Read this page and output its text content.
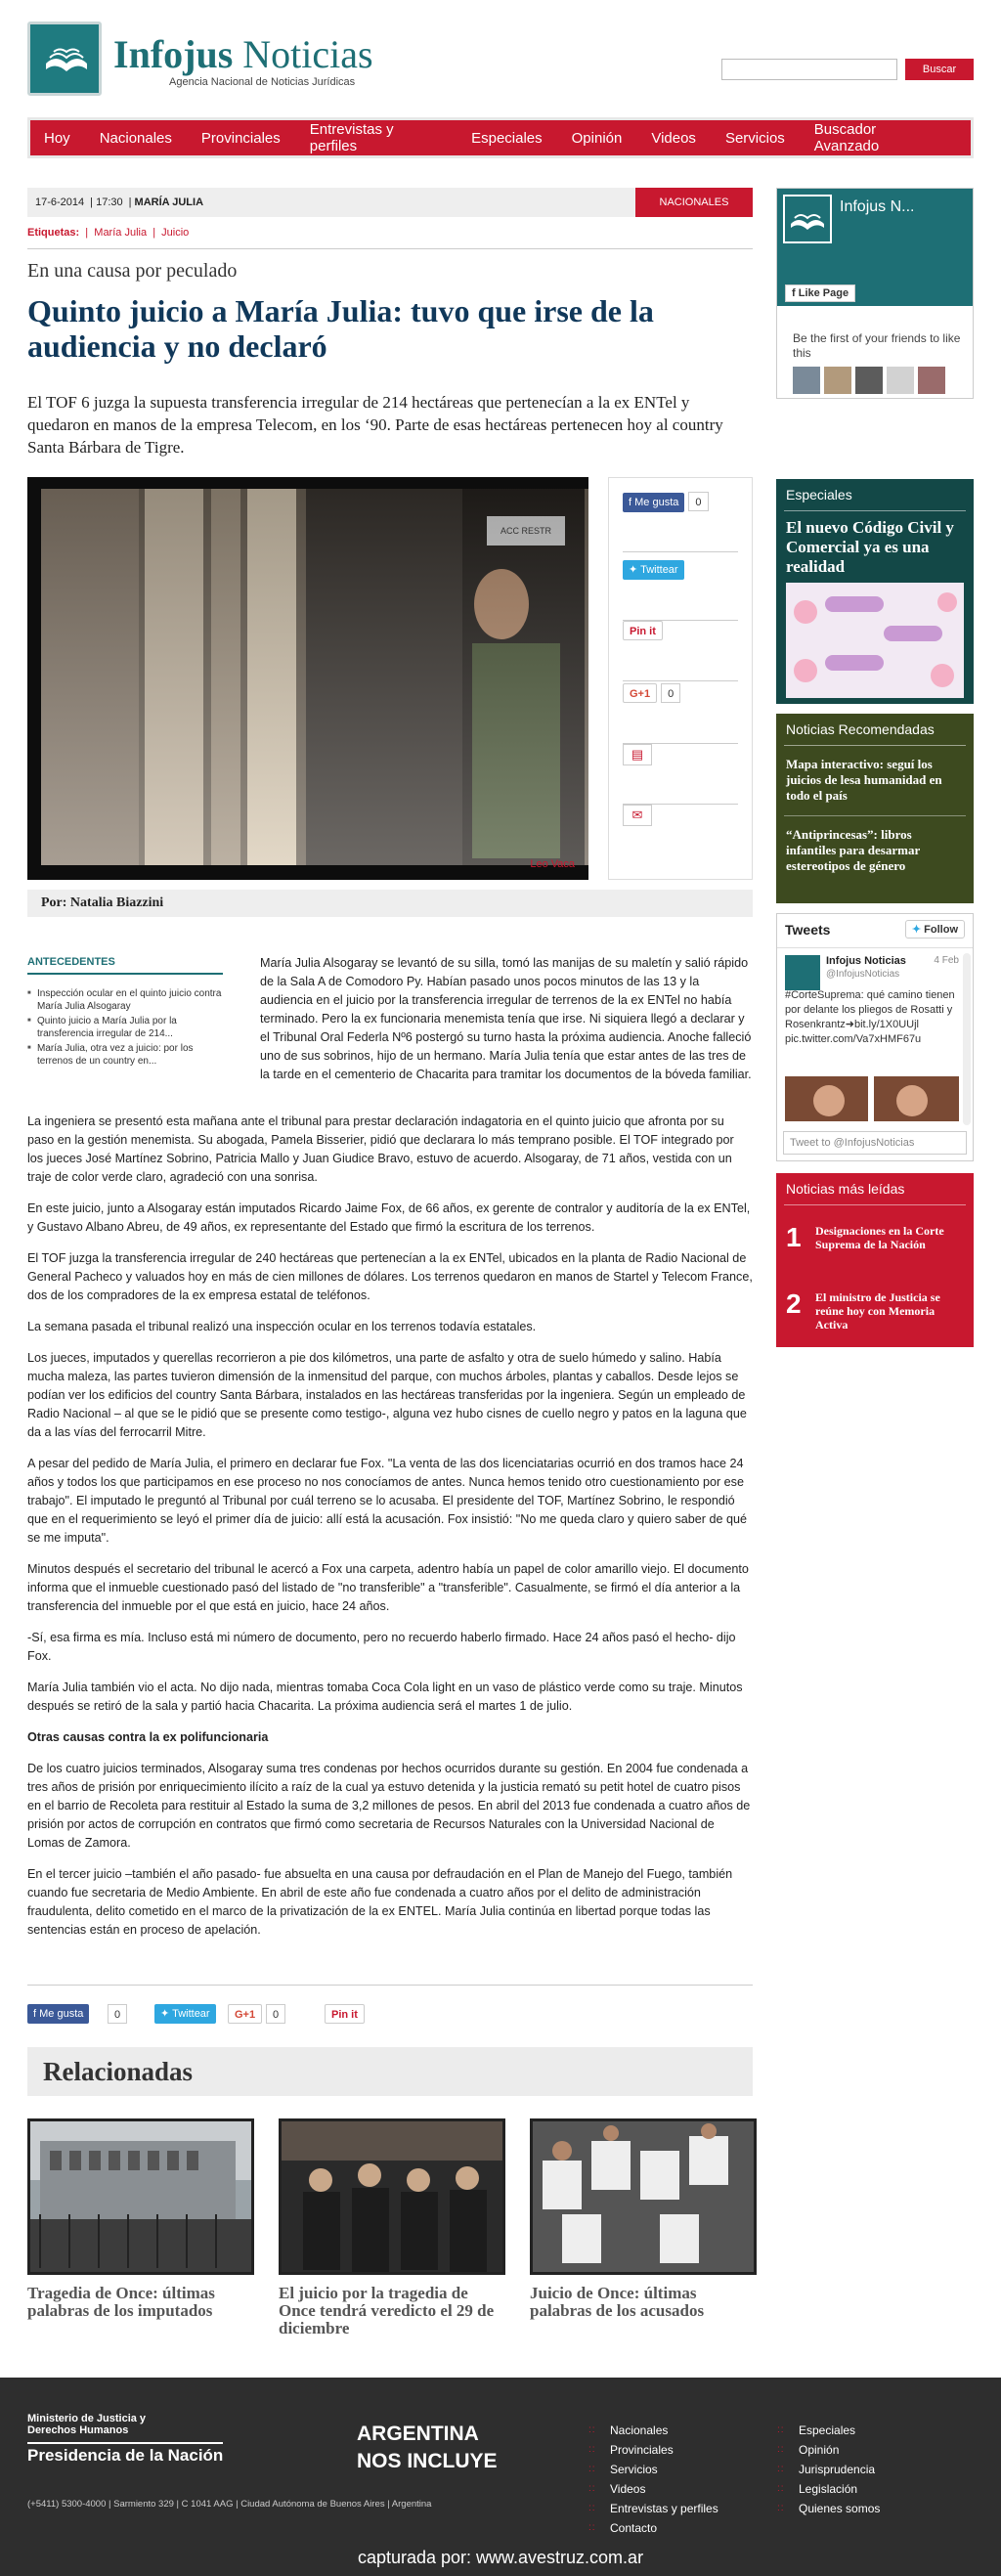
Infojus Noticias
Agencia Nacional de Noticias Jurídicas
Buscar
Hoy Nacionales Provinciales Entrevistas y perfiles	Especiales Opinión Videos Servicios Buscador Avanzado
17-6-2014 | 17:30 | MARÍA JULIA	NACIONALES
Etiquetas:  |  María Julia  |  Juicio
En una causa por peculado
Quinto juicio a María Julia: tuvo que irse de la audiencia y no declaró
El TOF 6 juzga la supuesta transferencia irregular de 214 hectáreas que pertenecían a la ex ENTel y quedaron en manos de la empresa Telecom, en los ‘90. Parte de esas hectáreas pertenecen hoy al country Santa Bárbara de Tigre.
ACC RESTR
Leo Vaca
f Me gusta 0
✦ Twittear
Pin it
G+1 0
▤
✉
Por: Natalia Biazzini
ANTECEDENTES
■ Inspección ocular en el quinto juicio contra María Julia Alsogaray
■ Quinto juicio a María Julia por la transferencia irregular de 214...
■ María Julia, otra vez a juicio: por los terrenos de un country en...
María Julia Alsogaray se levantó de su silla, tomó las manijas de su maletín y salió rápido de la Sala A de Comodoro Py. Habían pasado unos pocos minutos de las 13 y la audiencia en el juicio por la transferencia irregular de terrenos de la ex ENTel no había terminado. Pero la ex funcionaria menemista tenía que irse. Ni siquiera llegó a declarar y el Tribunal Oral Federla Nº6 postergó su turno hasta la próxima audiencia. Anoche falleció uno de sus sobrinos, hijo de un hermano. María Julia tenía que estar antes de las tres de la tarde en el cementerio de Chacarita para tramitar los documentos de la bóveda familiar.

La ingeniera se presentó esta mañana ante el tribunal para prestar declaración indagatoria en el quinto juicio que afronta por su paso en la gestión menemista. Su abogada, Pamela Bisserier, pidió que declarara lo más temprano posible. El TOF integrado por los jueces José Martínez Sobrino, Patricia Mallo y Juan Giudice Bravo, estuvo de acuerdo. Alsogaray, de 71 años, vestida con un traje de color verde claro, agradeció con una sonrisa.

En este juicio, junto a Alsogaray están imputados Ricardo Jaime Fox, de 66 años, ex gerente de contralor y auditoría de la ex ENTel, y Gustavo Albano Abreu, de 49 años, ex representante del Estado que firmó la escritura de los terrenos.

El TOF juzga la transferencia irregular de 240 hectáreas que pertenecían a la ex ENTel, ubicados en la planta de Radio Nacional de General Pacheco y valuados hoy en más de cien millones de dólares. Los terrenos quedaron en manos de Startel y Telecom France, dos de los compradores de la ex empresa estatal de teléfonos.

La semana pasada el tribunal realizó una inspección ocular en los terrenos todavía estatales.

Los jueces, imputados y querellas recorrieron a pie dos kilómetros, una parte de asfalto y otra de suelo húmedo y salino. Había mucha maleza, las partes tuvieron dimensión de la inmensitud del parque, con muchos árboles, plantas y caballos. Desde lejos se podían ver los edificios del country Santa Bárbara, instalados en las hectáreas transferidas por la ingeniera. Según un empleado de Radio Nacional – al que se le pidió que se presente como testigo-, alguna vez hubo cisnes de cuello negro y patos en la laguna que da a las vías del ferrocarril Mitre.

A pesar del pedido de María Julia, el primero en declarar fue Fox. "La venta de las dos licenciatarias ocurrió en dos tramos hace 24 años y todos los que participamos en ese proceso no nos conocíamos de antes. Nunca hemos tenido otro cuestionamiento por ese trabajo". El imputado le preguntó al Tribunal por cuál terreno se lo acusaba. El presidente del TOF, Martínez Sobrino, le respondió que en el requerimiento se leyó el primer día de juicio: allí está la acusación. Fox insistió: "No me queda claro y quiero saber de qué se me imputa".

Minutos después el secretario del tribunal le acercó a Fox una carpeta, adentro había un papel de color amarillo viejo. El documento informa que el inmueble cuestionado pasó del listado de "no transferible" a "transferible". Casualmente, se firmó el día anterior a la transferencia del inmueble por el que está en juicio, hace 24 años.

-Sí, esa firma es mía. Incluso está mi número de documento, pero no recuerdo haberlo firmado. Hace 24 años pasó el hecho- dijo Fox.

María Julia también vio el acta. No dijo nada, mientras tomaba Coca Cola light en un vaso de plástico verde como su traje. Minutos después se retiró de la sala y partió hacia Chacarita. La próxima audiencia será el martes 1 de julio.

Otras causas contra la ex polifuncionaria

De los cuatro juicios terminados, Alsogaray suma tres condenas por hechos ocurridos durante su gestión. En 2004 fue condenada a tres años de prisión por enriquecimiento ilícito a raíz de la cual ya estuvo detenida y la justicia remató su petit hotel de cuatro pisos en el barrio de Recoleta para restituir al Estado la suma de 3,2 millones de pesos. En abril del 2013 fue condenada a cuatro años de prisión por actos de corrupción en contratos que firmó como secretaria de Recursos Naturales con la Universidad Nacional de Lomas de Zamora.

En el tercer juicio –también el año pasado- fue absuelta en una causa por defraudación en el Plan de Manejo del Fuego, también cuando fue secretaria de Medio Ambiente. En abril de este año fue condenada a cuatro años por el delito de administración fraudulenta, delito cometido en el marco de la privatización de la ex ENTEL. María Julia continúa en libertad porque todas las sentencias están en proceso de apelación.

f Me gusta	0	✦ Twittear	G+1	0	Pin it
Relacionadas
Tragedia de Once: últimas palabras de los imputados
El juicio por la tragedia de Once tendrá veredicto el 29 de diciembre
Juicio de Once: últimas palabras de los acusados
Infojus N...
f Like Page
Be the first of your friends to like this
Especiales
El nuevo Código Civil y Comercial ya es una realidad
Noticias Recomendadas
Mapa interactivo: seguí los juicios de lesa humanidad en todo el país
“Antiprincesas”: libros infantiles para desarmar estereotipos de género
Tweets	✦ Follow
Infojus Noticias
@InfojusNoticias
4 Feb
#CorteSuprema: qué camino tienen por delante los pliegos de Rosatti y Rosenkrantz➜bit.ly/1X0UUjl pic.twitter.com/Va7xHMF67u
Tweet to @InfojusNoticias
Noticias más leídas
1 Designaciones en la Corte Suprema de la Nación
2 El ministro de Justicia se reúne hoy con Memoria Activa
Ministerio de Justicia y Derechos Humanos
Presidencia de la Nación
(+5411) 5300-4000 | Sarmiento 329 | C 1041 AAG | Ciudad Autónoma de Buenos Aires | Argentina
ARGENTINA
NOS INCLUYE
:: Nacionales
:: Provinciales
:: Servicios
:: Videos
:: Entrevistas y perfiles
:: Contacto
:: Especiales
:: Opinión
:: Jurisprudencia
:: Legislación
:: Quienes somos
capturada por: www.avestruz.com.ar
